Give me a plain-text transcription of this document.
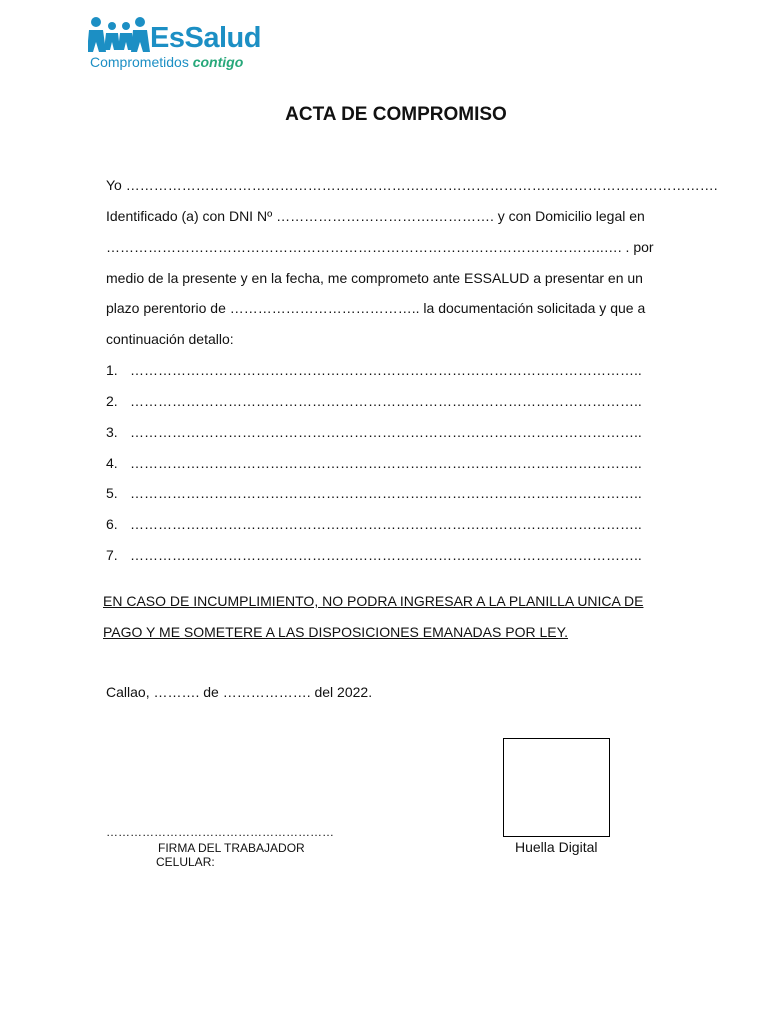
EsSalud
Comprometidos contigo
ACTA DE COMPROMISO
Yo ……………………………………………………………………………………………………………….
Identificado (a) con DNI Nº …………………………….…………. y con Domicilio legal en
……………………………………………………………………………………………..…. . por
medio de la presente y en la fecha, me comprometo ante ESSALUD a presentar en un
plazo perentorio de ………………………………….. la documentación solicitada y que a
continuación detallo:
1. ………………………………………………………………………………………………..
2. ………………………………………………………………………………………………..
3. ………………………………………………………………………………………………..
4. ………………………………………………………………………………………………..
5. ………………………………………………………………………………………………..
6. ………………………………………………………………………………………………..
7. ………………………………………………………………………………………………..
EN CASO DE INCUMPLIMIENTO, NO PODRA INGRESAR A LA PLANILLA UNICA DE
PAGO Y ME SOMETERE A LAS DISPOSICIONES EMANADAS POR LEY.
Callao, ………. de ………………. del 2022.
Huella Digital
…………………………………………………
FIRMA DEL TRABAJADOR
CELULAR:
